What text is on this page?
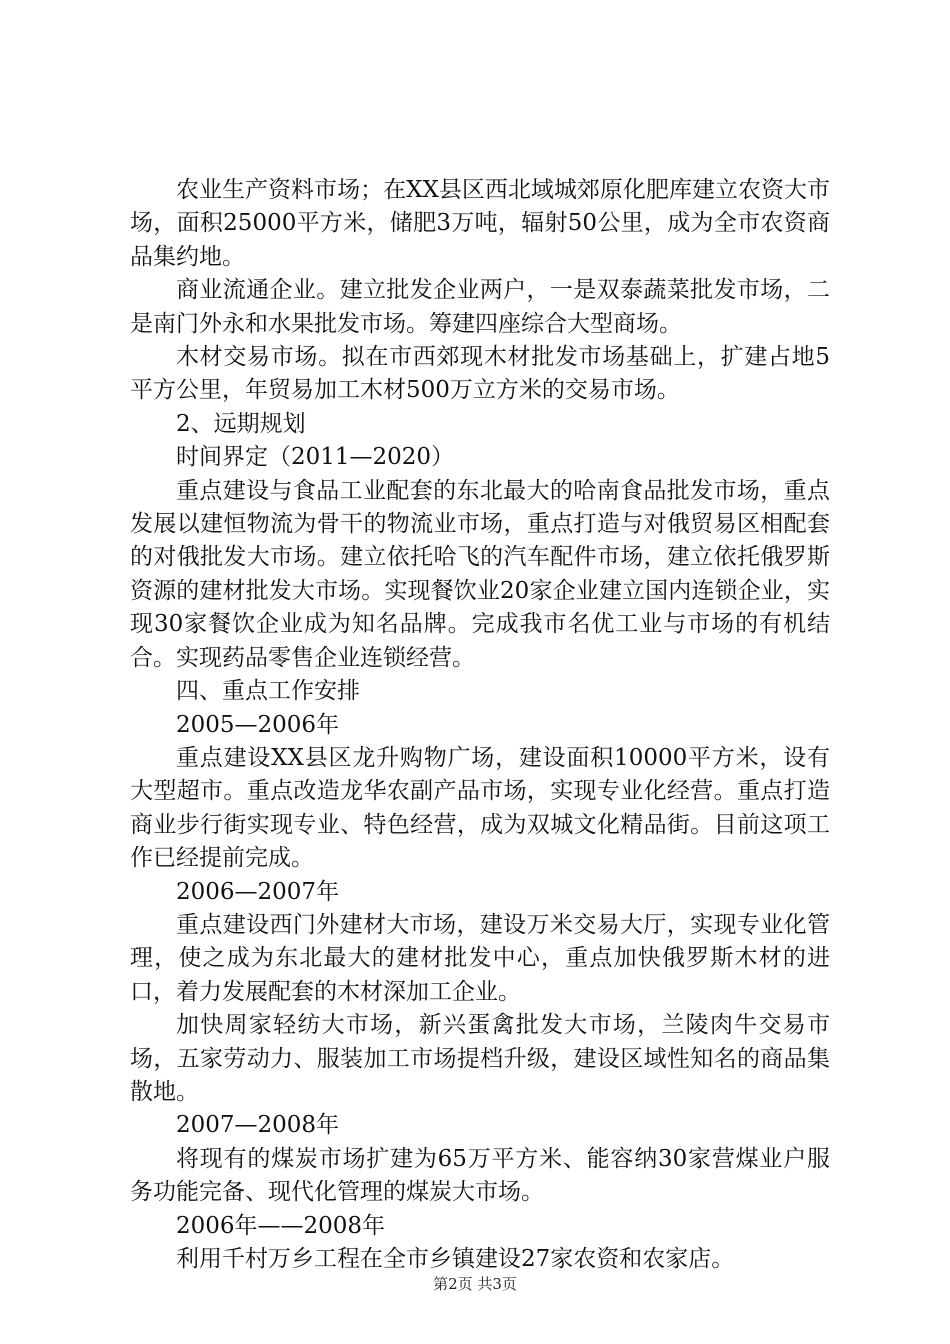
农业生产资料市场；在XX县区西北域城郊原化肥库建立农资大市场，面积25000平方米，储肥3万吨，辐射50公里，成为全市农资商品集约地。

商业流通企业。建立批发企业两户，一是双泰蔬菜批发市场，二是南门外永和水果批发市场。筹建四座综合大型商场。

木材交易市场。拟在市西郊现木材批发市场基础上，扩建占地5平方公里，年贸易加工木材500万立方米的交易市场。

2、远期规划

时间界定（2011—2020）

重点建设与食品工业配套的东北最大的哈南食品批发市场，重点发展以建恒物流为骨干的物流业市场，重点打造与对俄贸易区相配套的对俄批发大市场。建立依托哈飞的汽车配件市场，建立依托俄罗斯资源的建材批发大市场。实现餐饮业20家企业建立国内连锁企业，实现30家餐饮企业成为知名品牌。完成我市名优工业与市场的有机结合。实现药品零售企业连锁经营。

四、重点工作安排

2005—2006年

重点建设XX县区龙升购物广场，建设面积10000平方米，设有大型超市。重点改造龙华农副产品市场，实现专业化经营。重点打造商业步行街实现专业、特色经营，成为双城文化精品街。目前这项工作已经提前完成。

2006—2007年

重点建设西门外建材大市场，建设万米交易大厅，实现专业化管理，使之成为东北最大的建材批发中心，重点加快俄罗斯木材的进口，着力发展配套的木材深加工企业。

加快周家轻纺大市场，新兴蛋禽批发大市场，兰陵肉牛交易市场，五家劳动力、服装加工市场提档升级，建设区域性知名的商品集散地。

2007—2008年

将现有的煤炭市场扩建为65万平方米、能容纳30家营煤业户服务功能完备、现代化管理的煤炭大市场。

2006年——2008年

利用千村万乡工程在全市乡镇建设27家农资和农家店。

第2页 共3页
